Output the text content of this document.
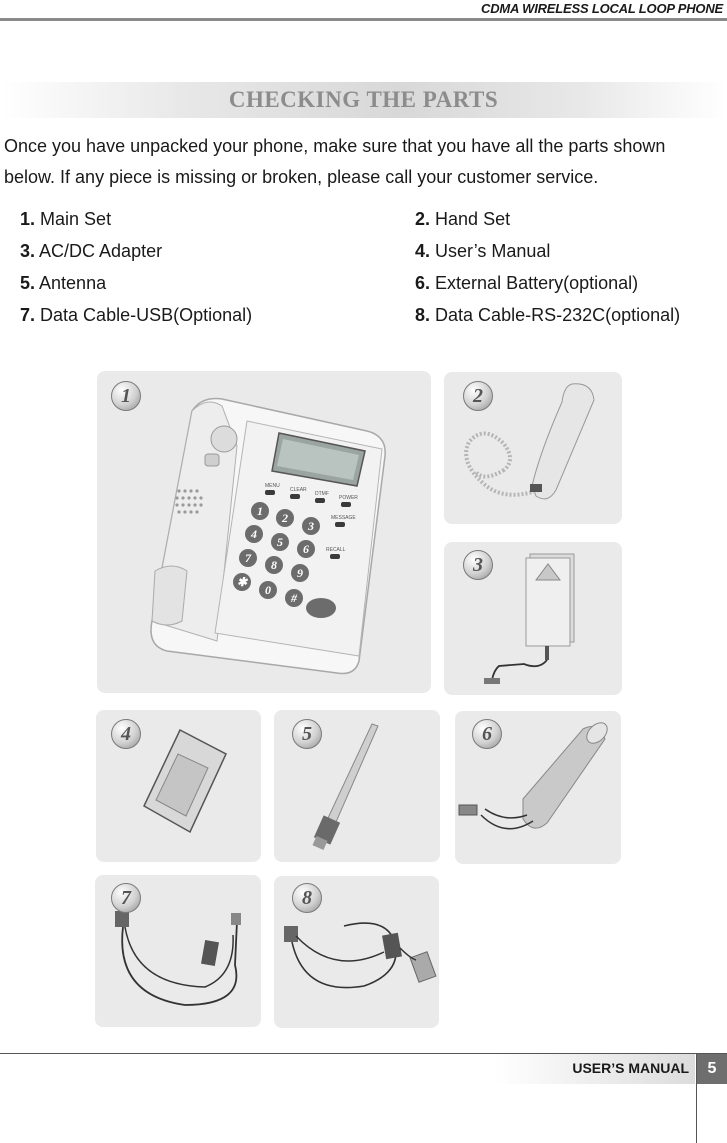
CDMA WIRELESS LOCAL LOOP PHONE
CHECKING THE PARTS
Once you have unpacked your phone, make sure that you have all the parts shown below. If any piece is missing or broken, please call your customer service.
1. Main Set	2. Hand Set
3. AC/DC Adapter	4. User’s Manual
5. Antenna	6. External Battery(optional)
7. Data Cable-USB(Optional)	8. Data Cable-RS-232C(optional)
MENU
CLEAR
DTMF
POWER
MESSAGE
RECALL
1 2
3
4
5 6
7 8
9
✱
0
#
1	2
3
4	5	6
7	8
USER’S MANUAL	5
